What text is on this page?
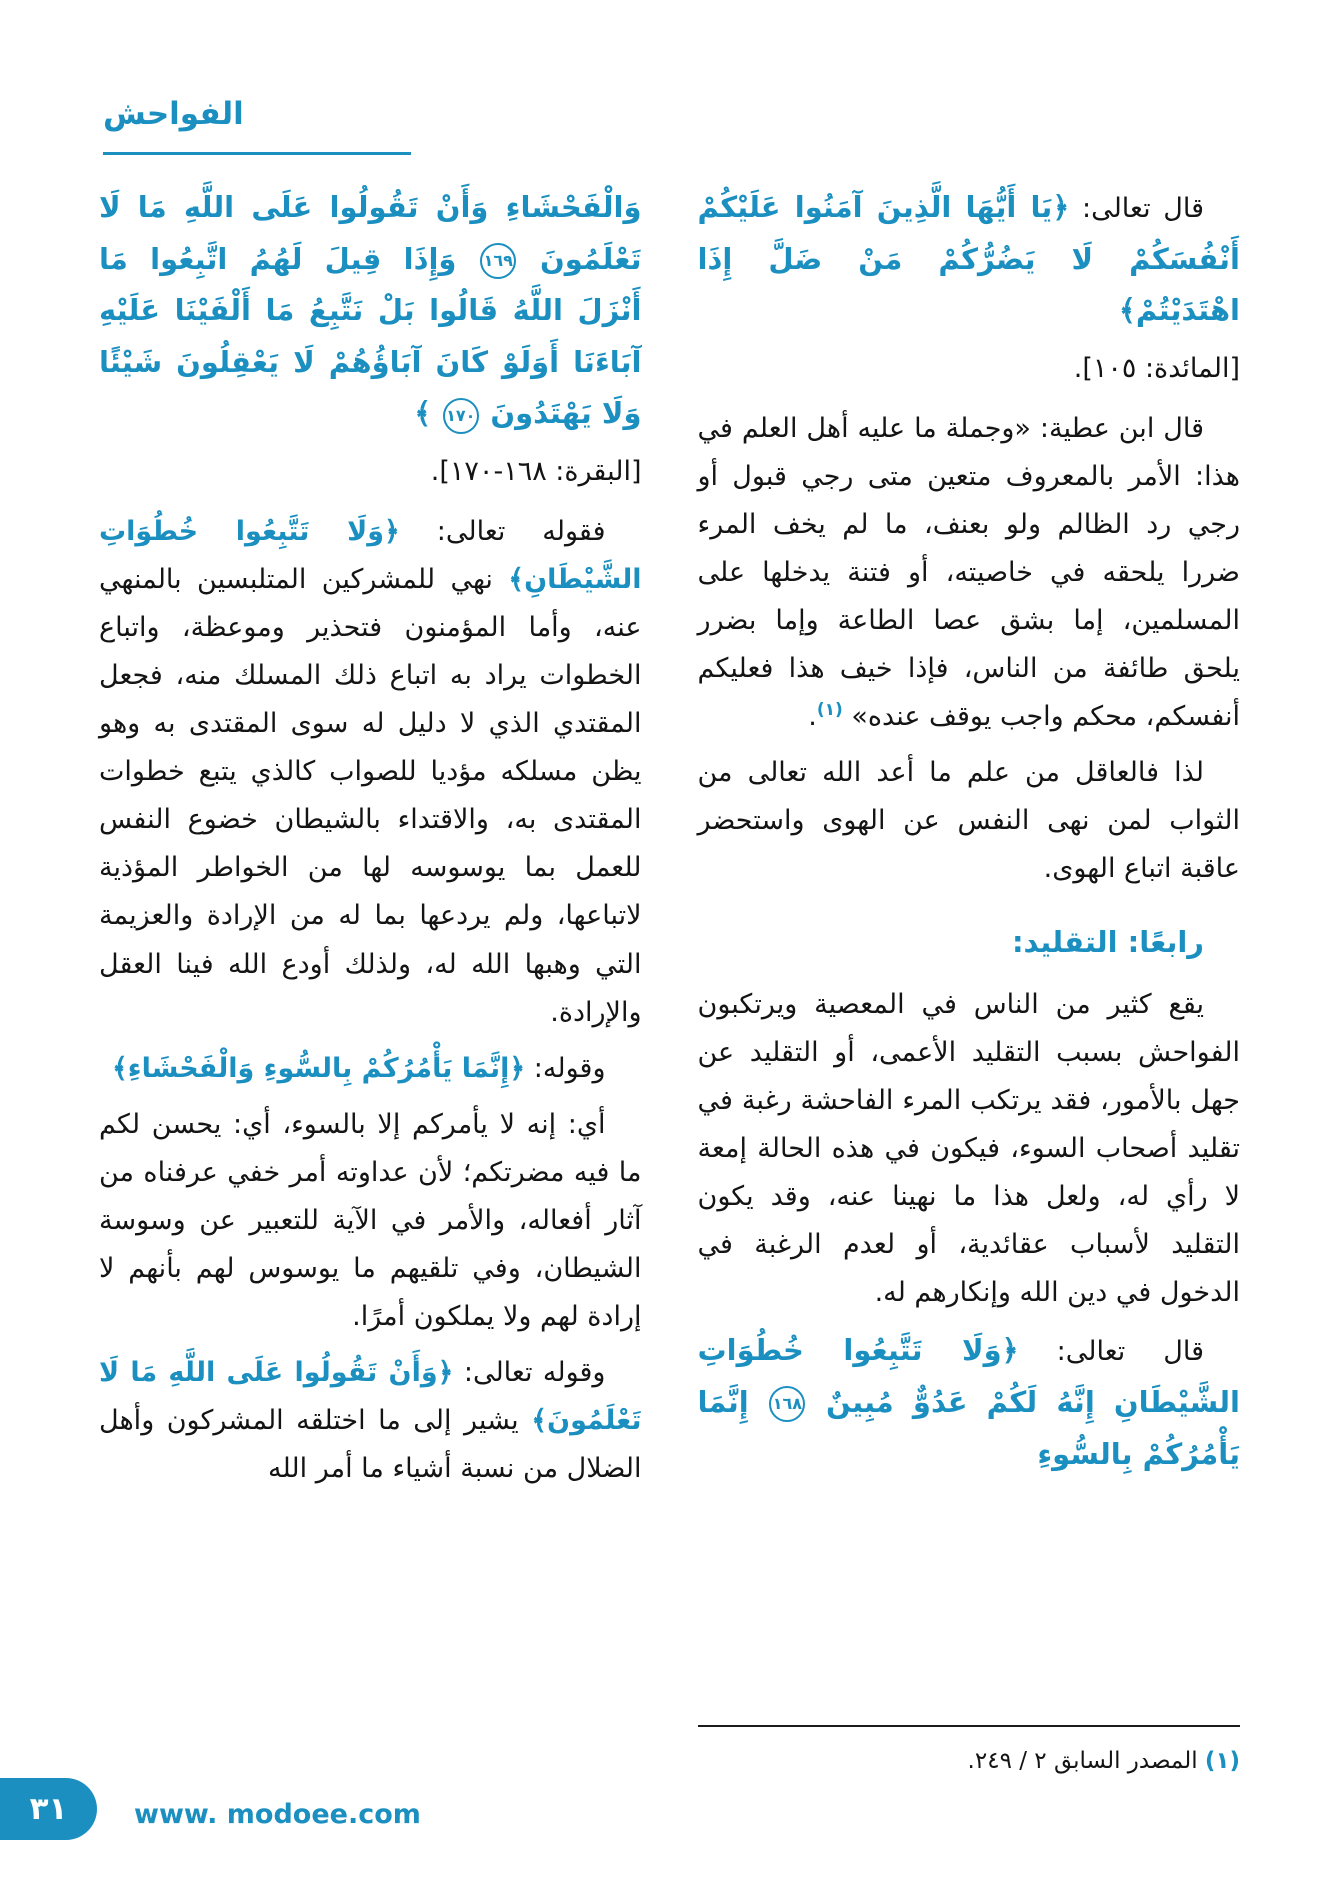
الفواحش

قال تعالى: ﴿يَا أَيُّهَا الَّذِينَ آمَنُوا عَلَيْكُمْ أَنْفُسَكُمْ لَا يَضُرُّكُمْ مَنْ ضَلَّ إِذَا اهْتَدَيْتُمْ﴾

[المائدة: ١٠٥].

قال ابن عطية: «وجملة ما عليه أهل العلم في هذا: الأمر بالمعروف متعين متى رجي قبول أو رجي رد الظالم ولو بعنف، ما لم يخف المرء ضررا يلحقه في خاصيته، أو فتنة يدخلها على المسلمين، إما بشق عصا الطاعة وإما بضرر يلحق طائفة من الناس، فإذا خيف هذا فعليكم أنفسكم، محكم واجب يوقف عنده» $^{(١)}$.

لذا فالعاقل من علم ما أعد الله تعالى من الثواب لمن نهى النفس عن الهوى واستحضر عاقبة اتباع الهوى.

رابعًا: التقليد:

يقع كثير من الناس في المعصية ويرتكبون الفواحش بسبب التقليد الأعمى، أو التقليد عن جهل بالأمور، فقد يرتكب المرء الفاحشة رغبة في تقليد أصحاب السوء، فيكون في هذه الحالة إمعة لا رأي له، ولعل هذا ما نهينا عنه، وقد يكون التقليد لأسباب عقائدية، أو لعدم الرغبة في الدخول في دين الله وإنكارهم له.

قال تعالى: ﴿وَلَا تَتَّبِعُوا خُطُوَاتِ الشَّيْطَانِ إِنَّهُ لَكُمْ عَدُوٌّ مُبِينٌ ١٦٨ إِنَّمَا يَأْمُرُكُمْ بِالسُّوءِ

(١) المصدر السابق ٢ / ٢٤٩.

وَالْفَحْشَاءِ وَأَنْ تَقُولُوا عَلَى اللَّهِ مَا لَا تَعْلَمُونَ ١٦٩ وَإِذَا قِيلَ لَهُمُ اتَّبِعُوا مَا أَنْزَلَ اللَّهُ قَالُوا بَلْ نَتَّبِعُ مَا أَلْفَيْنَا عَلَيْهِ آبَاءَنَا أَوَلَوْ كَانَ آبَاؤُهُمْ لَا يَعْقِلُونَ شَيْئًا وَلَا يَهْتَدُونَ ١٧٠ ﴾

[البقرة: ١٦٨-١٧٠].

فقوله تعالى: ﴿وَلَا تَتَّبِعُوا خُطُوَاتِ الشَّيْطَانِ﴾ نهي للمشركين المتلبسين بالمنهي عنه، وأما المؤمنون فتحذير وموعظة، واتباع الخطوات يراد به اتباع ذلك المسلك منه، فجعل المقتدي الذي لا دليل له سوى المقتدى به وهو يظن مسلكه مؤديا للصواب كالذي يتبع خطوات المقتدى به، والاقتداء بالشيطان خضوع النفس للعمل بما يوسوسه لها من الخواطر المؤذية لاتباعها، ولم يردعها بما له من الإرادة والعزيمة التي وهبها الله له، ولذلك أودع الله فينا العقل والإرادة.

وقوله: ﴿إِنَّمَا يَأْمُرُكُمْ بِالسُّوءِ وَالْفَحْشَاءِ﴾

أي: إنه لا يأمركم إلا بالسوء، أي: يحسن لكم ما فيه مضرتكم؛ لأن عداوته أمر خفي عرفناه من آثار أفعاله، والأمر في الآية للتعبير عن وسوسة الشيطان، وفي تلقيهم ما يوسوس لهم بأنهم لا إرادة لهم ولا يملكون أمرًا.

وقوله تعالى: ﴿وَأَنْ تَقُولُوا عَلَى اللَّهِ مَا لَا تَعْلَمُونَ﴾ يشير إلى ما اختلقه المشركون وأهل الضلال من نسبة أشياء ما أمر الله

٣١ www. modoee.com
